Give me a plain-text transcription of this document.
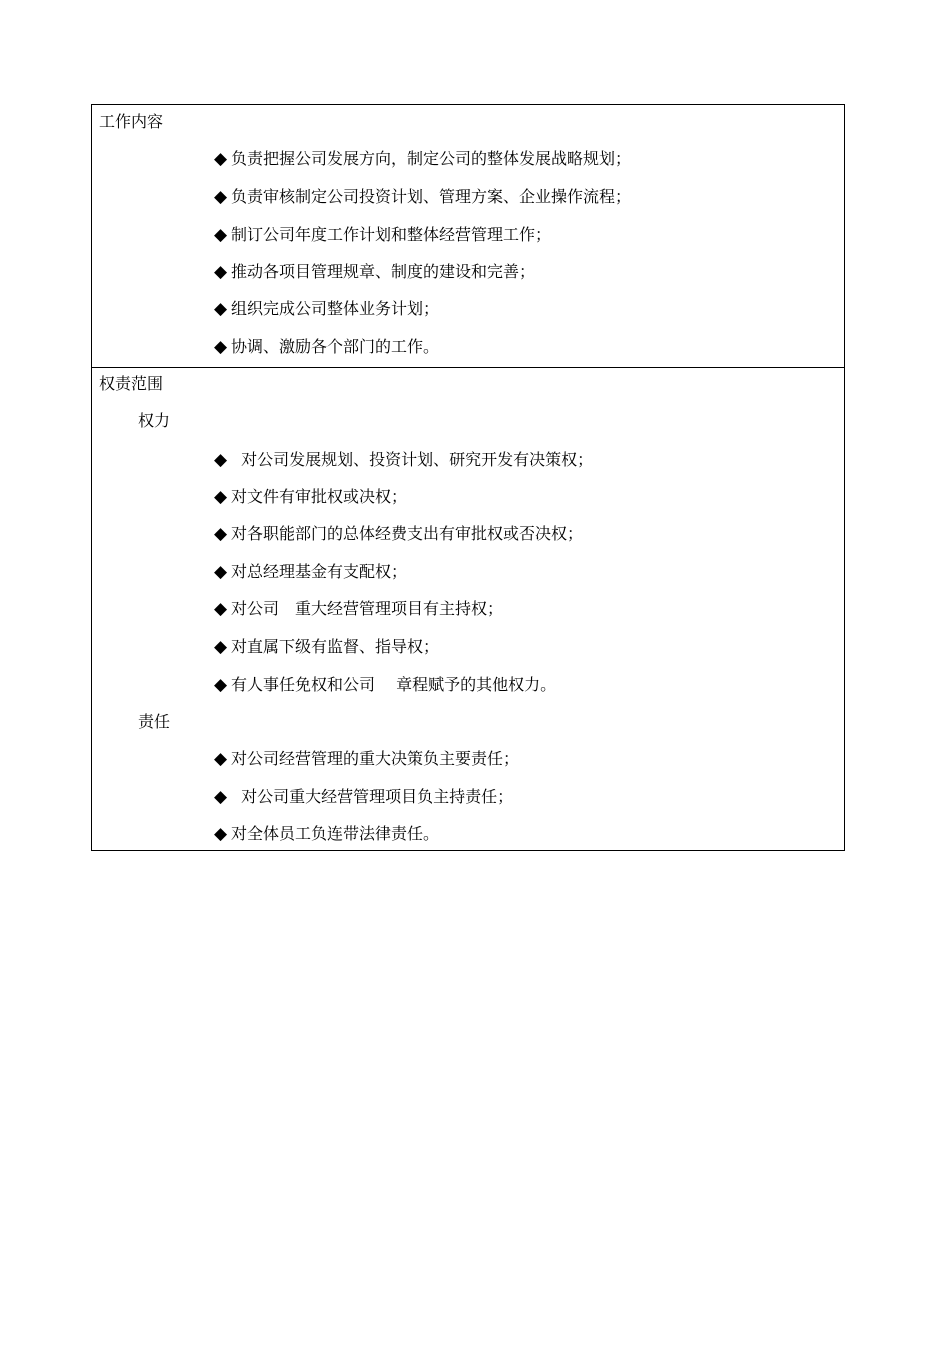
工作内容
◆ 负责把握公司发展方向，制定公司的整体发展战略规划；
◆ 负责审核制定公司投资计划、管理方案、企业操作流程；
◆ 制订公司年度工作计划和整体经营管理工作；
◆ 推动各项目管理规章、制度的建设和完善；
◆ 组织完成公司整体业务计划；
◆ 协调、激励各个部门的工作。
权责范围
权力
◆ 对公司发展规划、投资计划、研究开发有决策权；
◆ 对文件有审批权或决权；
◆ 对各职能部门的总体经费支出有审批权或否决权；
◆ 对总经理基金有支配权；
◆ 对公司　重大经营管理项目有主持权；
◆ 对直属下级有监督、指导权；
◆ 有人事任免权和公司　 章程赋予的其他权力。
责任
◆ 对公司经营管理的重大决策负主要责任；
◆ 对公司重大经营管理项目负主持责任；
◆ 对全体员工负连带法律责任。
